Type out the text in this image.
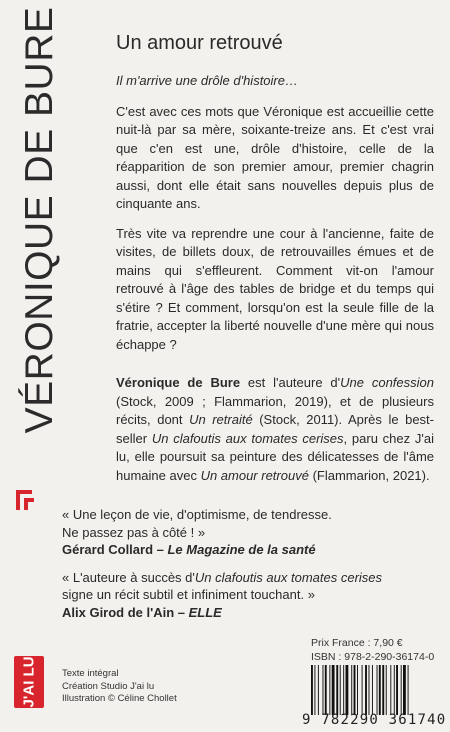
VÉRONIQUE DE BURE	Un amour retrouvé

Il m'arrive une drôle d'histoire…

C'est avec ces mots que Véronique est accueillie cette nuit-là par sa mère, soixante-treize ans. Et c'est vrai que c'en est une, drôle d'histoire, celle de la réapparition de son premier amour, premier chagrin aussi, dont elle était sans nouvelles depuis plus de cinquante ans.

Très vite va reprendre une cour à l'ancienne, faite de visites, de billets doux, de retrouvailles émues et de mains qui s'effleurent. Comment vit-on l'amour retrouvé à l'âge des tables de bridge et du temps qui s'étire ? Et comment, lorsqu'on est la seule fille de la fratrie, accepter la liberté nouvelle d'une mère qui nous échappe ?

Véronique de Bure est l'auteure d'Une confession (Stock, 2009 ; Flammarion, 2019), et de plusieurs récits, dont Un retraité (Stock, 2011). Après le best-seller Un clafoutis aux tomates cerises, paru chez J'ai lu, elle poursuit sa peinture des délicatesses de l'âme humaine avec Un amour retrouvé (Flammarion, 2021).

« Une leçon de vie, d'optimisme, de tendresse.
Ne passez pas à côté ! »
Gérard Collard – Le Magazine de la santé
« L'auteure à succès d'Un clafoutis aux tomates cerises
signe un récit subtil et infiniment touchant. »
Alix Girod de l'Ain – ELLE
Prix France : 7,90 €
ISBN : 978-2-290-36174-0
9 782290 361740
J'AI LU	Texte intégral
Création Studio J'ai lu
Illustration © Céline Chollet
